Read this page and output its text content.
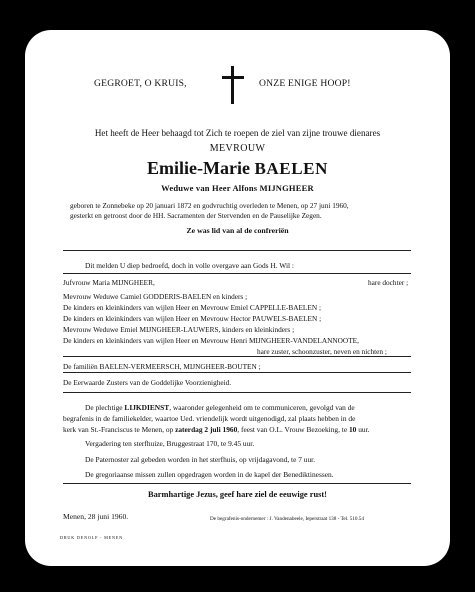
GEGROET, O KRUIS,	ONZE ENIGE HOOP!
Het heeft de Heer behaagd tot Zich te roepen de ziel van zijne trouwe dienares
MEVROUW
Emilie-Marie BAELEN
Weduwe van Heer Alfons MIJNGHEER
geboren te Zonnebeke op 20 januari 1872 en godvruchtig overleden te Menen, op 27 juni 1960,
gesterkt en getroost door de HH. Sacramenten der Stervenden en de Pauselijke Zegen.
Ze was lid van al de confreriën
Dit melden U diep bedroefd, doch in volle overgave aan Gods H. Wil :
Jufvrouw Maria MIJNGHEER,	hare dochter ;
Mevrouw Weduwe Camiel GODDERIS-BAELEN en kinders ;
De kinders en kleinkinders van wijlen Heer en Mevrouw Emiel CAPPELLE-BAELEN ;
De kinders en kleinkinders van wijlen Heer en Mevrouw Hector PAUWELS-BAELEN ;
Mevrouw Weduwe Emiel MIJNGHEER-LAUWERS, kinders en kleinkinders ;
De kinders en kleinkinders van wijlen Heer en Mevrouw Henri MIJNGHEER-VANDELANNOOTE,
hare zuster, schoonzuster, neven en nichten ;
De familiën BAELEN-VERMEERSCH, MIJNGHEER-BOUTEN ;
De Eerwaarde Zusters van de Goddelijke Voorzienigheid.
De plechtige LIJKDIENST, waaronder gelegenheid om te communiceren, gevolgd van de
begrafenis in de familiekelder, waartoe Ued. vriendelijk wordt uitgenodigd, zal plaats hebben in de
kerk van St.-Franciscus te Menen, op zaterdag 2 juli 1960, feest van O.L. Vrouw Bezoeking, te 10 uur.
Vergadering ten sterfhuize, Bruggestraat 170, te 9.45 uur.
De Paternoster zal gebeden worden in het sterfhuis, op vrijdagavond, te 7 uur.
De gregoriaanse missen zullen opgedragen worden in de kapel der Benediktinessen.
Barmhartige Jezus, geef hare ziel de eeuwige rust!
Menen, 28 juni 1960.	De begrafenis-ondernemer : J. Vandenabeele, Ieperstraat 138 - Tel. 510.54
DRUK DENOLF - MENEN
